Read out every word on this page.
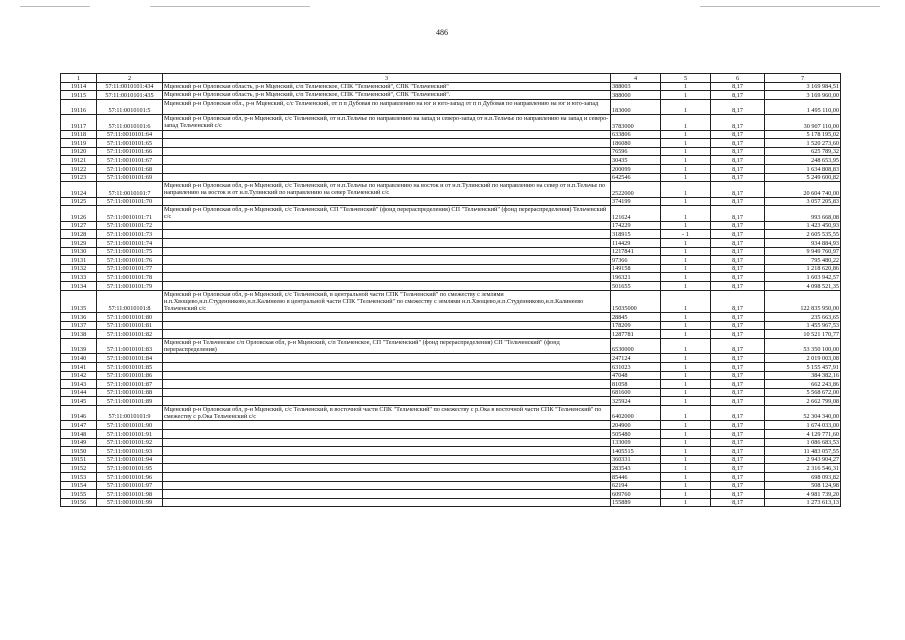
486
1	2	3	4	5	6	7
19114	57:11:0010101:434	Мценский р-н Орловская область, р-н Мценский, с/п Тельченское, СПК "Тельченский", СПК "Тельченский"	388003	1	8,17	3 169 984,51
19115	57:11:0010101:435	Мценский р-н Орловская область, р-н Мценский, с/п Тельченское, СПК "Тельченский", СПК "Тельченский".	388000	1	8,17	3 169 960,00
19116	57:11:0010101:5	Мценский р-н Орловская обл., р-н Мценский, с/с Тельченский, от п п Дубовая по направлению на юг и юго-запад от п п Дубовая по направлению на юг и юго-запад	183000	1	8,17	1 495 110,00
19117	57:11:0010101:6	Мценский р-н Орловская обл, р-н Мценский, с/с Тельченский, от н.п.Тельчье по направлению на запад и северо-запад от н.п.Тельчье по направлению на запад и северо-запад Тельченский с/с	3783000	1	8,17	30 907 110,00
19118	57:11:0010101:64		633806	1	8,17	5 178 195,02
19119	57:11:0010101:65		186080	1	8,17	1 520 273,60
19120	57:11:0010101:66		76596	1	8,17	625 789,32
19121	57:11:0010101:67		30435	1	8,17	248 653,95
19122	57:11:0010101:68		200099	1	8,17	1 634 808,83
19123	57:11:0010101:69		642546	1	8,17	5 249 600,82
19124	57:11:0010101:7	Мценский р-н Орловская обл, р-н Мценский, с/с Тельченский, от н.п.Тельчье по направлению на восток и от н.п.Тулинский по направлению на север от н.п.Тельчье по направлению на восток и от н.п.Тулинский по направлению на север Тельченский с/с	2522000	1	8,17	20 604 740,00
19125	57:11:0010101:70		374199	1	8,17	3 057 205,83
19126	57:11:0010101:71	Мценский р-н Орловская обл, р-н Мценский, с/с Тельченский, СП "Тельченский" (фонд перераспределения) СП "Тельченский" (фонд перераспределения) Тельченский с/с	121624	1	8,17	993 668,08
19127	57:11:0010101:72		174229	1	8,17	1 423 450,93
19128	57:11:0010101:73		318915	- 1	8,17	2 605 535,55
19129	57:11:0010101:74		114429	1	8,17	934 884,93
19130	57:11:0010101:75		1217841	1	8,17	9 949 760,97
19131	57:11:0010101:76		97366	1	8,17	795 480,22
19132	57:11:0010101:77		149158	1	8,17	1 218 620,86
19133	57:11:0010101:78		196321	1	8,17	1 603 942,57
19134	57:11:0010101:79		501655	1	8,17	4 098 521,35
19135	57:11:0010101:8	Мценский р-н Орловская обл, р-н Мценский, с/с Тельченский, в центральной части СПК "Тельченский" по смежеству с землями н.п.Хвощево,н.п.Студенниково,н.п.Калинеево в центральной части СПК "Тельченский" по смежеству с землями н.п.Хвощево,н.п.Студенниково,н.п.Калинеево Тельченский с/с	15035000	1	8,17	122 835 950,00
19136	57:11:0010101:80		28845	1	8,17	235 663,65
19137	57:11:0010101:81		178209	1	8,17	1 455 967,53
19138	57:11:0010101:82		1287781	1	8,17	10 521 170,77
19139	57:11:0010101:83	Мценский р-н Тельченское с/п Орловская обл, р-н Мценский, с/п Тельченское, СП "Тельченский" (фонд перераспределения) СП "Тельченский" (фонд перераспределения)	6530000	1	8,17	53 350 100,00
19140	57:11:0010101:84		247124	1	8,17	2 019 003,08
19141	57:11:0010101:85		631023	1	8,17	5 155 457,91
19142	57:11:0010101:86		47048	1	8,17	384 382,16
19143	57:11:0010101:87		81058	1	8,17	662 243,86
19144	57:11:0010101:88		681600	1	8,17	5 568 672,00
19145	57:11:0010101:89		325924	1	8,17	2 662 799,08
19146	57:11:0010101:9	Мценский р-н Орловская обл, р-н Мценский, с/с Тельченский, в восточной части СПК "Тельченский" по смежеству с р.Ока в восточной части СПК "Тельченский" по смежеству с р.Ока Тельченский с/с	6402000	1	8,17	52 304 340,00
19147	57:11:0010101:90		204900	1	8,17	1 674 033,00
19148	57:11:0010101:91		505480	1	8,17	4 129 771,60
19149	57:11:0010101:92		133009	1	8,17	1 086 683,53
19150	57:11:0010101:93		1405515	1	8,17	11 483 057,55
19151	57:11:0010101:94		360331	1	8,17	2 943 904,27
19152	57:11:0010101:95		283543	1	8,17	2 316 546,31
19153	57:11:0010101:96		85446	1	8,17	698 093,82
19154	57:11:0010101:97		62194	1	8,17	508 124,98
19155	57:11:0010101:98		609760	1	8,17	4 981 739,20
19156	57:11:0010101:99		155889	1	8,17	1 273 613,13
